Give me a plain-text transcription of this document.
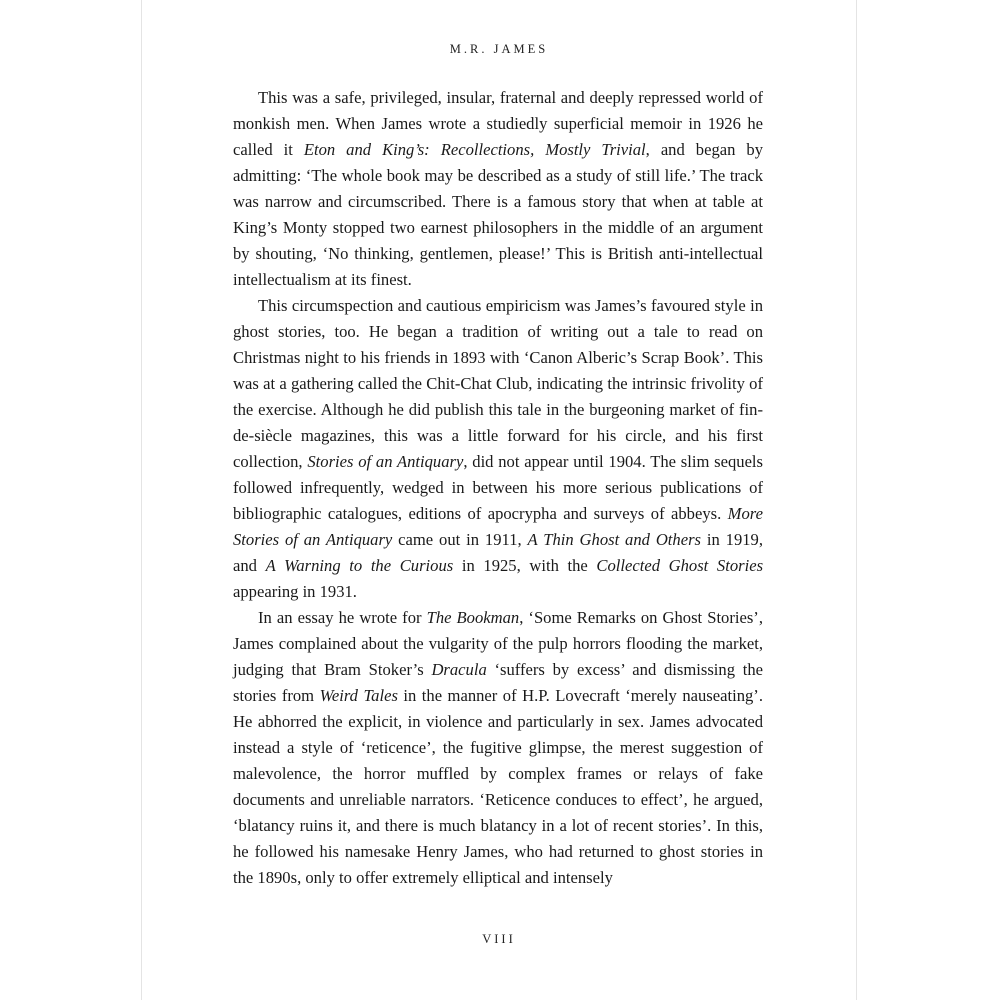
M.R. JAMES

This was a safe, privileged, insular, fraternal and deeply repressed world of monkish men. When James wrote a studiedly superficial memoir in 1926 he called it Eton and King’s: Recollections, Mostly Trivial, and began by admitting: ‘The whole book may be described as a study of still life.’ The track was narrow and circumscribed. There is a famous story that when at table at King’s Monty stopped two earnest philosophers in the middle of an argument by shouting, ‘No thinking, gentlemen, please!’ This is British anti-intellectual intellectualism at its finest.

This circumspection and cautious empiricism was James’s favoured style in ghost stories, too. He began a tradition of writing out a tale to read on Christmas night to his friends in 1893 with ‘Canon Alberic’s Scrap Book’. This was at a gathering called the Chit-Chat Club, indicating the intrinsic frivolity of the exercise. Although he did publish this tale in the burgeoning market of fin-de-siècle magazines, this was a little forward for his circle, and his first collection, Stories of an Antiquary, did not appear until 1904. The slim sequels followed infrequently, wedged in between his more serious publications of bibliographic catalogues, editions of apocrypha and surveys of abbeys. More Stories of an Antiquary came out in 1911, A Thin Ghost and Others in 1919, and A Warning to the Curious in 1925, with the Collected Ghost Stories appearing in 1931.

In an essay he wrote for The Bookman, ‘Some Remarks on Ghost Stories’, James complained about the vulgarity of the pulp horrors flooding the market, judging that Bram Stoker’s Dracula ‘suffers by excess’ and dismissing the stories from Weird Tales in the manner of H.P. Lovecraft ‘merely nauseating’. He abhorred the explicit, in violence and particularly in sex. James advocated instead a style of ‘reticence’, the fugitive glimpse, the merest suggestion of malevolence, the horror muffled by complex frames or relays of fake documents and unreliable narrators. ‘Reticence conduces to effect’, he argued, ‘blatancy ruins it, and there is much blatancy in a lot of recent stories’. In this, he followed his namesake Henry James, who had returned to ghost stories in the 1890s, only to offer extremely elliptical and intensely

VIII
